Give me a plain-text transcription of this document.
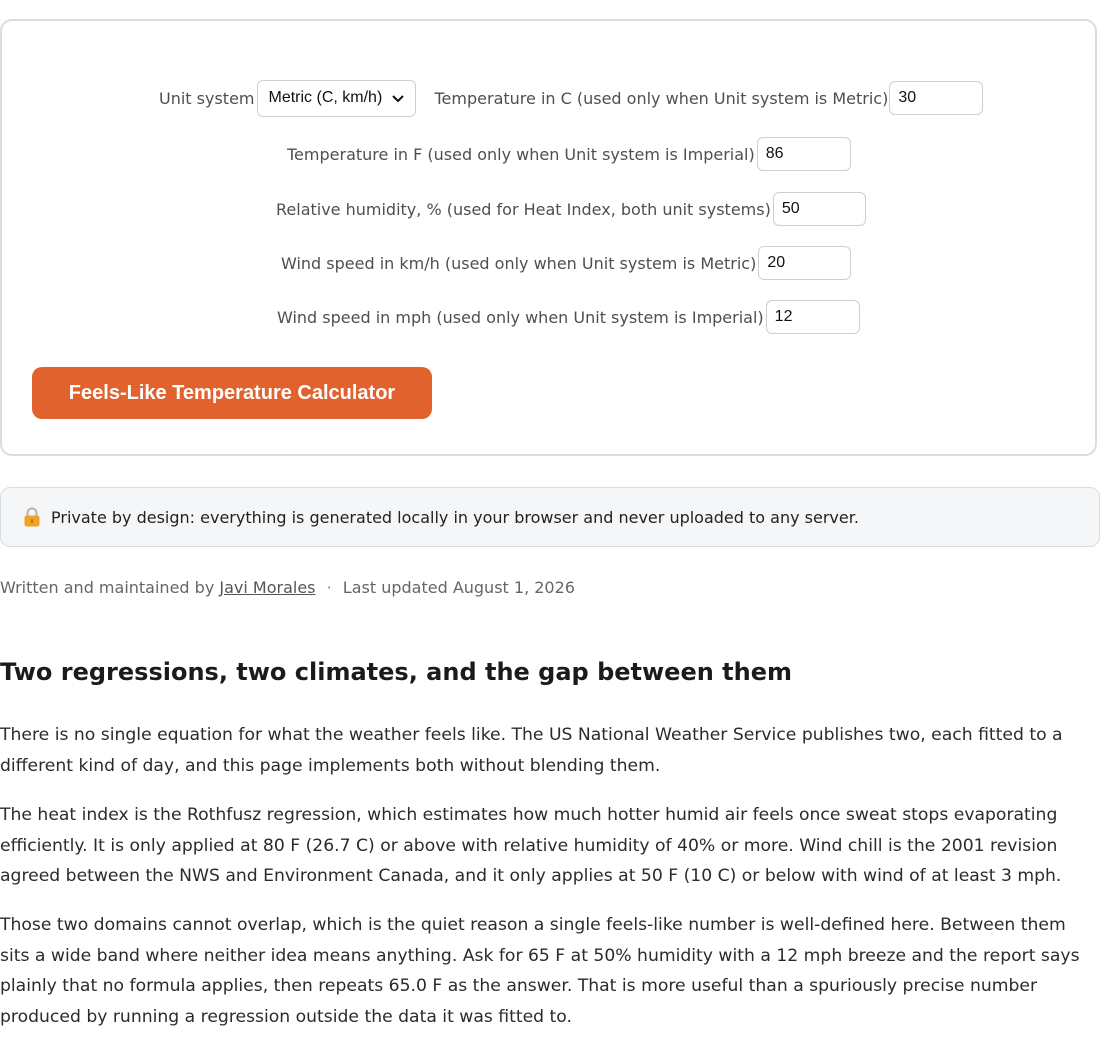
Unit system Metric (C, km/h)	Temperature in C (used only when Unit system is Metric)
30
Temperature in F (used only when Unit system is Imperial)
86
Relative humidity, % (used for Heat Index, both unit systems)
50
Wind speed in km/h (used only when Unit system is Metric)
20
Wind speed in mph (used only when Unit system is Imperial)
12
Feels-Like Temperature Calculator
Private by design: everything is generated locally in your browser and never uploaded to any server.
Written and maintained by Javi Morales · Last updated August 1, 2026
Two regressions, two climates, and the gap between them

There is no single equation for what the weather feels like. The US National Weather Service publishes two, each fitted to a different kind of day, and this page implements both without blending them.

The heat index is the Rothfusz regression, which estimates how much hotter humid air feels once sweat stops evaporating efficiently. It is only applied at 80 F (26.7 C) or above with relative humidity of 40% or more. Wind chill is the 2001 revision agreed between the NWS and Environment Canada, and it only applies at 50 F (10 C) or below with wind of at least 3 mph.

Those two domains cannot overlap, which is the quiet reason a single feels-like number is well-defined here. Between them sits a wide band where neither idea means anything. Ask for 65 F at 50% humidity with a 12 mph breeze and the report says plainly that no formula applies, then repeats 65.0 F as the answer. That is more useful than a spuriously precise number produced by running a regression outside the data it was fitted to.
